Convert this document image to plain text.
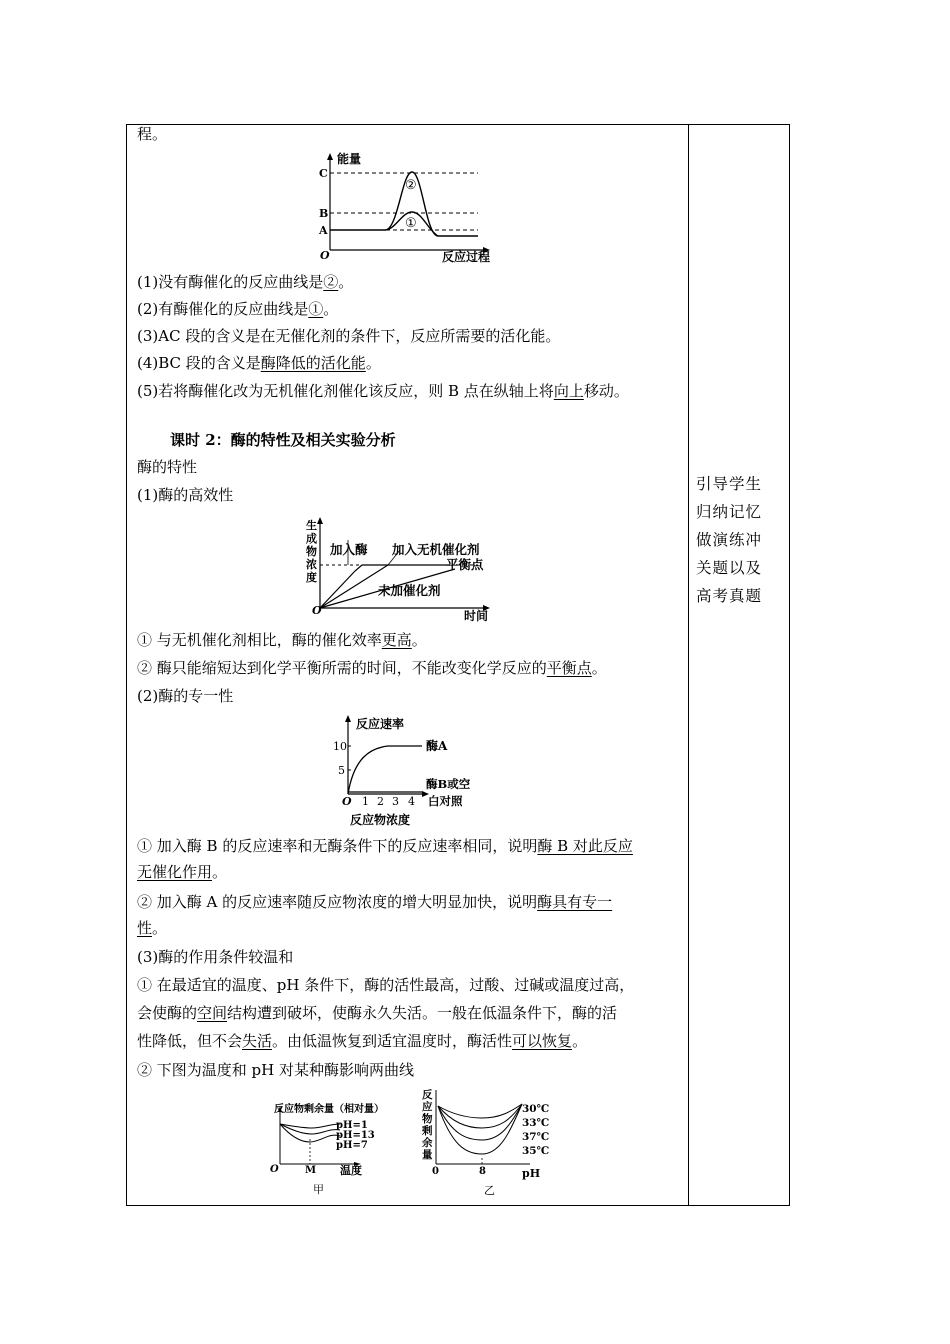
程。
能量
C
B
A
O
②
①
反应过程
(1)没有酶催化的反应曲线是②。
(2)有酶催化的反应曲线是①。
(3)AC 段的含义是在无催化剂的条件下，反应所需要的活化能。
(4)BC 段的含义是酶降低的活化能。
(5)若将酶催化改为无机催化剂催化该反应，则 B 点在纵轴上将向上移动。
课时 2：酶的特性及相关实验分析
酶的特性
(1)酶的高效性
生
成
物
浓
度
加入酶 加入无机催化剂
平衡点
未加催化剂
O	时间
① 与无机催化剂相比，酶的催化效率更高。
② 酶只能缩短达到化学平衡所需的时间，不能改变化学反应的平衡点。
(2)酶的专一性
反应速率
10
5
酶A
酶B或空
白对照
O 1 2 3 4
反应物浓度
① 加入酶 B 的反应速率和无酶条件下的反应速率相同，说明酶 B 对此反应
无催化作用。
② 加入酶 A 的反应速率随反应物浓度的增大明显加快，说明酶具有专一
性。
(3)酶的作用条件较温和
① 在最适宜的温度、pH 条件下，酶的活性最高，过酸、过碱或温度过高，
会使酶的空间结构遭到破坏，使酶永久失活。一般在低温条件下，酶的活
性降低，但不会失活。由低温恢复到适宜温度时，酶活性可以恢复。
② 下图为温度和 pH 对某种酶影响两曲线
反应物剩余量（相对量）
pH=1
pH=13
pH=7
O	M 温度
甲
反
应
物
剩
余
量
30℃
33℃
37℃
35℃
0	8	pH
乙
引导学生
归纳记忆
做演练冲
关题以及
高考真题
